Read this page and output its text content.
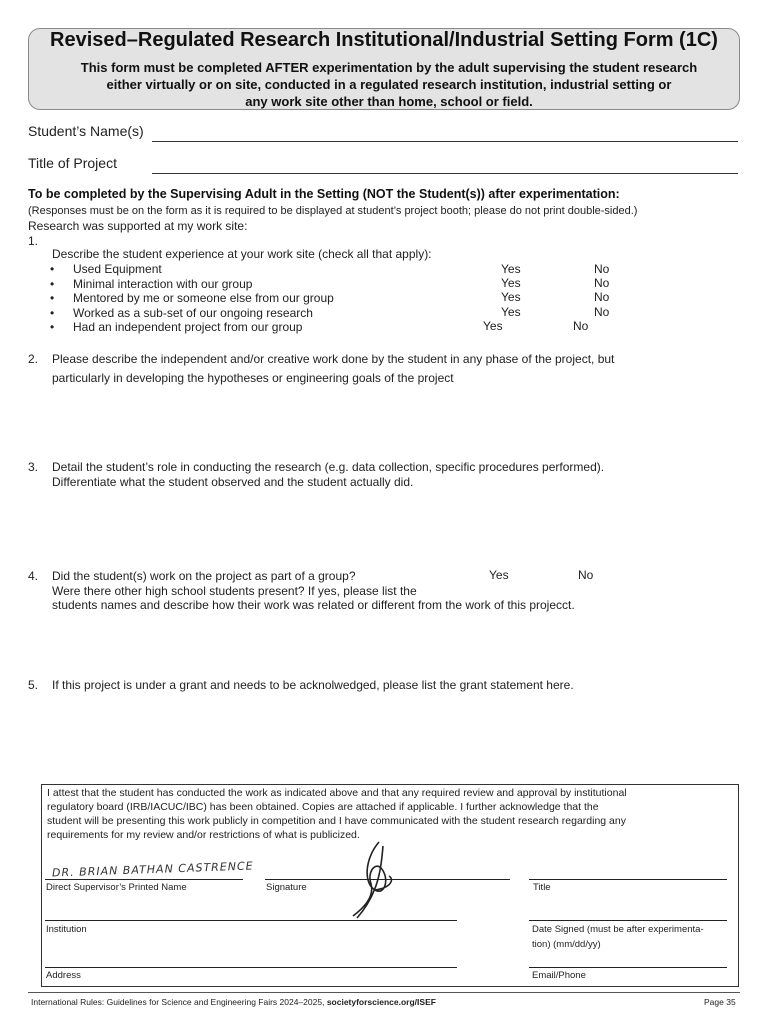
Revised–Regulated Research Institutional/Industrial Setting Form (1C)
This form must be completed AFTER experimentation by the adult supervising the student research
either virtually or on site, conducted in a regulated research institution, industrial setting or
any work site other than home, school or field.
Student’s Name(s)
Title of Project
To be completed by the Supervising Adult in the Setting (NOT the Student(s)) after experimentation:
(Responses must be on the form as it is required to be displayed at student’s project booth; please do not print double-sided.)
Research was supported at my work site:
1.
Describe the student experience at your work site (check all that apply):
•	Used Equipment	Yes	No
•	Minimal interaction with our group	Yes	No
•	Mentored by me or someone else from our group	Yes	No
•	Worked as a sub-set of our ongoing research	Yes	No
•	Had an independent project from our group	Yes	No
2. Please describe the independent and/or creative work done by the student in any phase of the project, but
particularly in developing the hypotheses or engineering goals of the project
3. Detail the student’s role in conducting the research (e.g. data collection, specific procedures performed).
Differentiate what the student observed and the student actually did.
4. Did the student(s) work on the project as part of a group?	Yes	No
Were there other high school students present? If yes, please list the
students names and describe how their work was related or different from the work of this projecct.
5. If this project is under a grant and needs to be acknolwedged, please list the grant statement here.
I attest that the student has conducted the work as indicated above and that any required review and approval by institutional
regulatory board (IRB/IACUC/IBC) has been obtained. Copies are attached if applicable. I further acknowledge that the
student will be presenting this work publicly in competition and I have communicated with the student research regarding any
requirements for my review and/or restrictions of what is publicized.
DR. BRIAN BATHAN CASTRENCE
Direct Supervisor’s Printed Name	Signature	Title
Institution	Date Signed (must be after experimenta-
tion) (mm/dd/yy)
Address	Email/Phone
International Rules: Guidelines for Science and Engineering Fairs 2024–2025, societyforscience.org/ISEF	Page 35
